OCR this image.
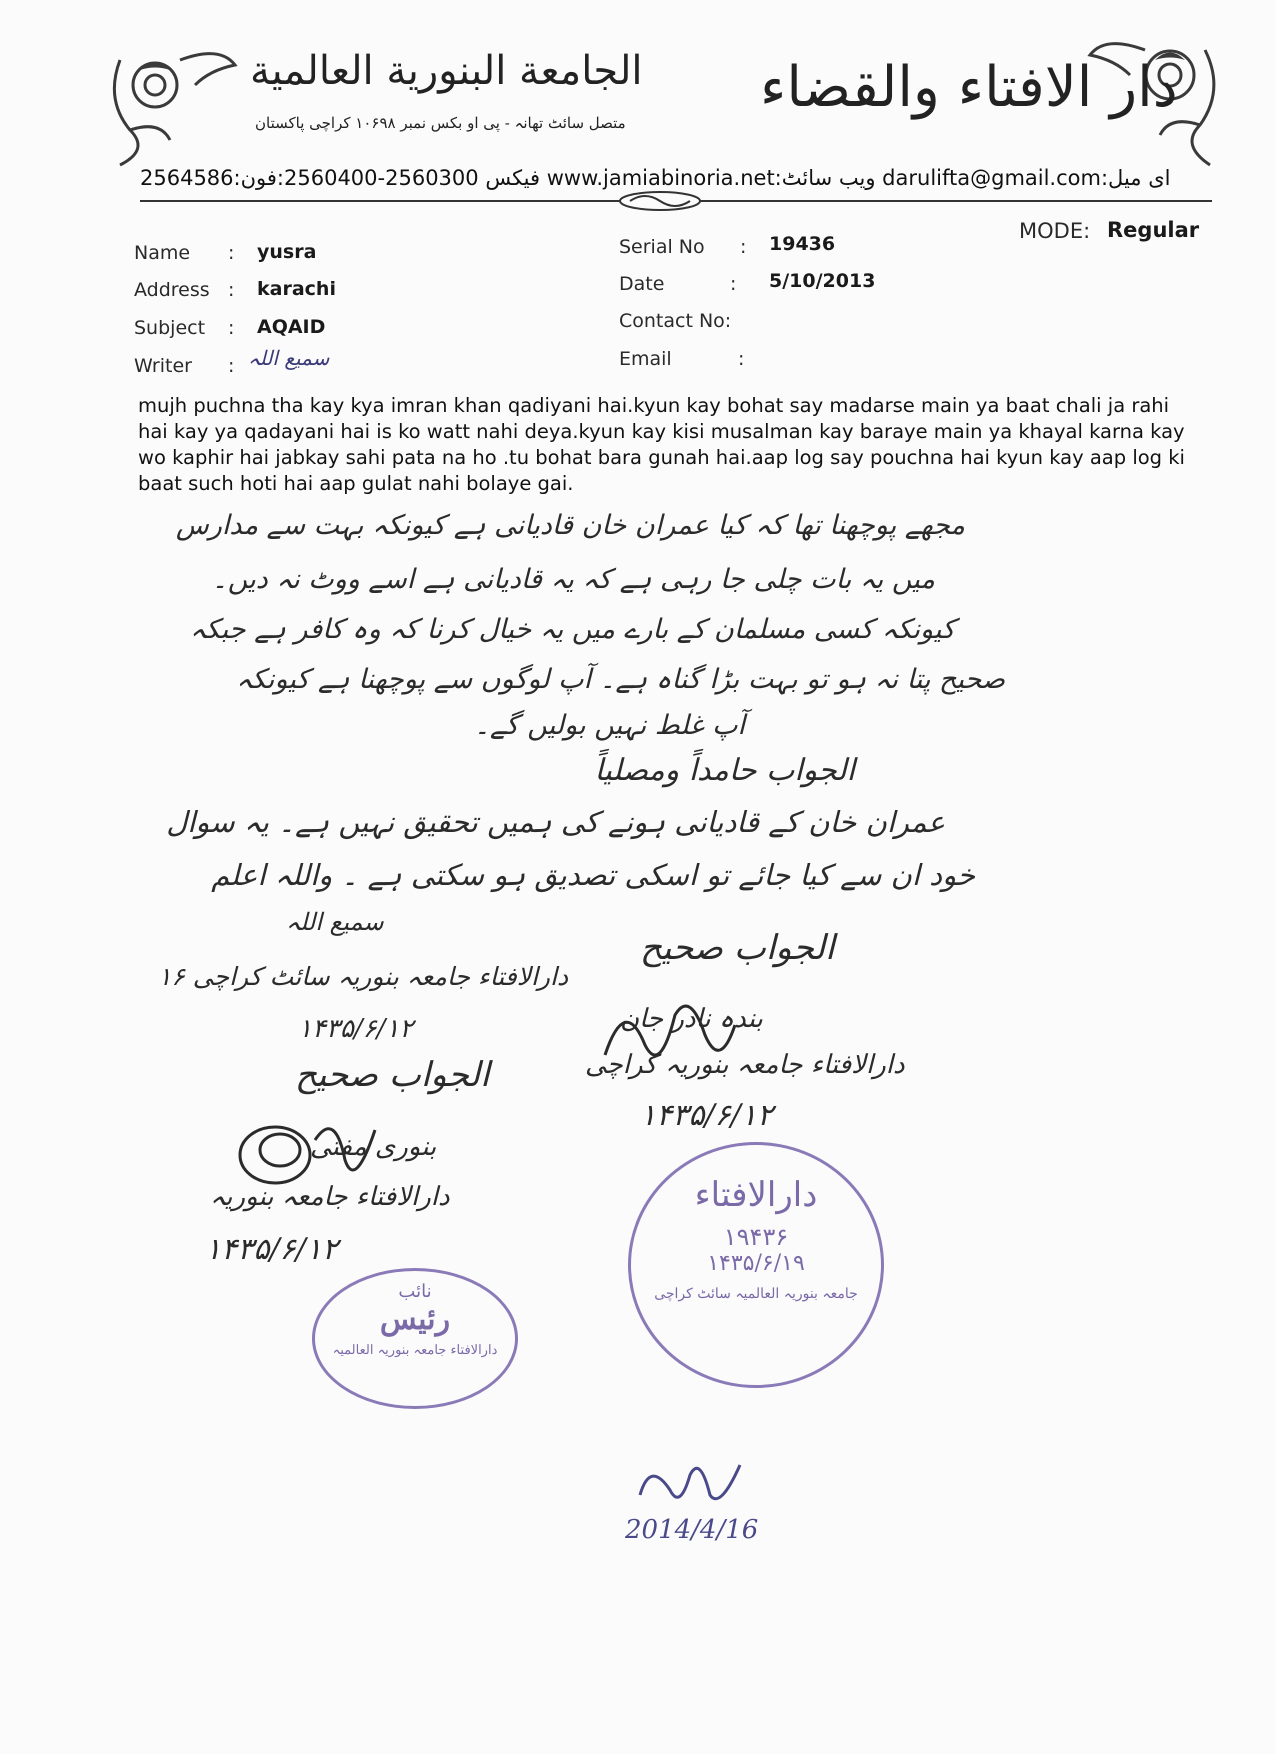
الجامعة البنورية العالمية
متصل سائٹ تھانہ - پی او بکس نمبر ۱۰۶۹۸ کراچی پاکستان
دار الافتاء والقضاء
2564586:فیکس 2560300-2560400:فون www.jamiabinoria.net:ویب سائٹ darulifta@gmail.com:ای میل
Name : yusra
Address : karachi
Subject : AQAID
Writer : سمیع اللہ
Serial No : 19436
Date	: 5/10/2013
Contact No:
Email	:
MODE: Regular
mujh puchna tha kay kya imran khan qadiyani hai.kyun kay bohat say madarse main ya baat chali ja rahi hai kay ya qadayani hai is ko watt nahi deya.kyun kay kisi musalman kay baraye main ya khayal karna kay wo kaphir hai jabkay sahi pata na ho .tu bohat bara gunah hai.aap log say pouchna hai kyun kay aap log ki baat such hoti hai aap gulat nahi bolaye gai.
مجھے پوچھنا تھا کہ کیا عمران خان قادیانی ہے کیونکہ بہت سے مدارس
میں یہ بات چلی جا رہی ہے کہ یہ قادیانی ہے اسے ووٹ نہ دیں۔
کیونکہ کسی مسلمان کے بارے میں یہ خیال کرنا کہ وہ کافر ہے جبکہ
صحیح پتا نہ ہو تو بہت بڑا گناہ ہے۔ آپ لوگوں سے پوچھنا ہے کیونکہ
آپ غلط نہیں بولیں گے۔
الجواب حامداً ومصلیاً
عمران خان کے قادیانی ہونے کی ہمیں تحقیق نہیں ہے۔ یہ سوال
خود ان سے کیا جائے تو اسکی تصدیق ہو سکتی ہے ۔ واللہ اعلم
سمیع اللہ
دارالافتاء جامعہ بنوریہ سائٹ کراچی ۱۶
۱۴۳۵/۶/۱۲
الجواب صحیح
بندہ نادر جان
دارالافتاء جامعہ بنوریہ کراچی
۱۴۳۵/۶/۱۲
الجواب صحیح
بنوری مفتی
دارالافتاء جامعہ بنوریہ
۱۴۳۵/۶/۱۲
نائب
رئیس
دارالافتاء جامعہ بنوریہ العالمیہ
دارالافتاء
۱۹۴۳۶
۱۴۳۵/۶/۱۹
جامعہ بنوریہ العالمیہ سائٹ کراچی
2014/4/16
